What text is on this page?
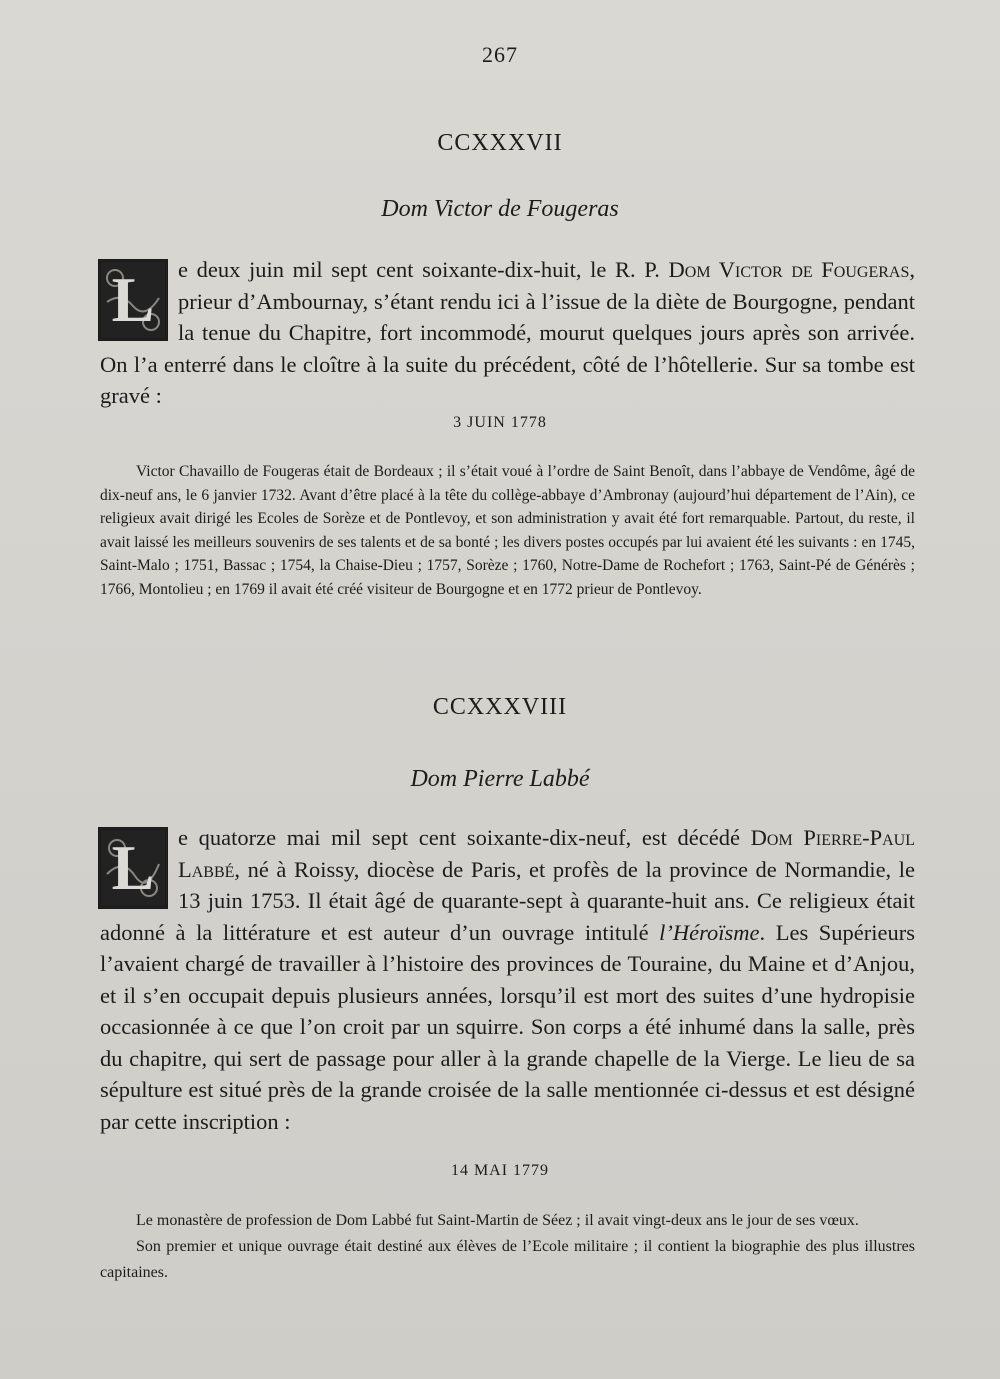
267
CCXXXVII
Dom Victor de Fougeras
L	e deux juin mil sept cent soixante-dix-huit, le R. P. Dom Victor de Fougeras, prieur d’Ambournay, s’étant rendu ici à l’issue de la diète de Bourgogne, pendant la tenue du Chapitre, fort incommodé, mourut quelques jours après son arrivée. On l’a enterré dans le cloître à la suite du précédent, côté de l’hôtellerie. Sur sa tombe est gravé :
3 JUIN 1778

Victor Chavaillo de Fougeras était de Bordeaux ; il s’était voué à l’ordre de Saint Benoît, dans l’abbaye de Vendôme, âgé de dix-neuf ans, le 6 janvier 1732. Avant d’être placé à la tête du collège-abbaye d’Ambronay (aujourd’hui département de l’Ain), ce religieux avait dirigé les Ecoles de Sorèze et de Pontlevoy, et son administration y avait été fort remarquable. Partout, du reste, il avait laissé les meilleurs souvenirs de ses talents et de sa bonté ; les divers postes occupés par lui avaient été les suivants : en 1745, Saint-Malo ; 1751, Bassac ; 1754, la Chaise-Dieu ; 1757, Sorèze ; 1760, Notre-Dame de Rochefort ; 1763, Saint-Pé de Générès ; 1766, Montolieu ; en 1769 il avait été créé visiteur de Bourgogne et en 1772 prieur de Pontlevoy.

CCXXXVIII
Dom Pierre Labbé
L	e quatorze mai mil sept cent soixante-dix-neuf, est décédé Dom Pierre-Paul Labbé, né à Roissy, diocèse de Paris, et profès de la province de Normandie, le 13 juin 1753. Il était âgé de quarante-sept à quarante-huit ans. Ce religieux était adonné à la littérature et est auteur d’un ouvrage intitulé l’Héroïsme. Les Supérieurs l’avaient chargé de travailler à l’histoire des provinces de Touraine, du Maine et d’Anjou, et il s’en occupait depuis plusieurs années, lorsqu’il est mort des suites d’une hydropisie occasionnée à ce que l’on croit par un squirre. Son corps a été inhumé dans la salle, près du chapitre, qui sert de passage pour aller à la grande chapelle de la Vierge. Le lieu de sa sépulture est situé près de la grande croisée de la salle mentionnée ci-dessus et est désigné par cette inscription :
14 MAI 1779

Le monastère de profession de Dom Labbé fut Saint-Martin de Séez ; il avait vingt-deux ans le jour de ses vœux.

Son premier et unique ouvrage était destiné aux élèves de l’Ecole militaire ; il contient la biographie des plus illustres capitaines.
